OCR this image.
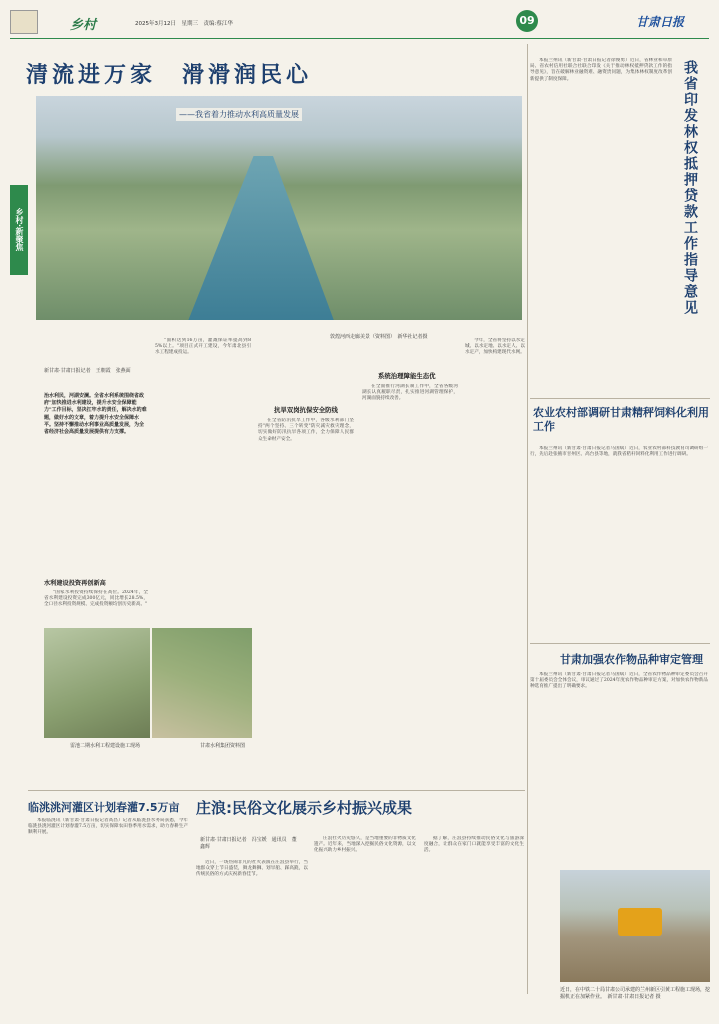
乡村	2025年3月12日　星期三　责编:蔡江华	09	甘肃日报
清流进万家　滑滑润民心
——我省着力推动水利高质量发展
乡村·新聚焦
敦煌河西走廊美景（资料图）　新华社记者摄
新甘肃·甘肃日报记者　王朝霞　张燕面
治水利民，河湖安澜。全省水利系统围绕省政府"加快推进水利建设，提升水安全保障能力"工作目标，坚决扛牢水的责任，解决水的难题，做好水的文章，着力提升水安全保障水平。坚持不懈推动水利事业高质量发展，为全省经济社会高质量发展提供有力支撑。
水利建设投资再创新高

"国家水利投资持续保持在高位。2024年，全省水利建设投资完成300亿元，同比增长28.5%，全口径水利投资规模、完成投资额均创历史新高。"

"面积达到16万亩，灌溉保证率提高到85%以上。"项目正式开工建设，今年肃北县引水工程建成投运。

抗旱双岗抗保安全防线

在全省防汛抗旱工作中，各级水利部门坚持"两个坚持、三个转变"防灾减灾救灾理念，切实做好防汛抗旱各项工作，全力保障人民群众生命财产安全。

系统治理障能生态优

在全面推行河湖长制工作中，全省各级河湖长认真履职尽责，扎实推进河湖管理保护，河湖面貌持续改善。

今年，全省将坚持以水定城、以水定地、以水定人、以水定产，加快构建现代水网。

雷池二期水利工程建设施工现场	甘肃水利集团资料图
我省印发林权抵押贷款工作指导意见

本报兰州讯（新甘肃·甘肃日报记者徐俊勇）近日，省林业和草原局、省农村信用社联合社联合印发《关于推动林权抵押贷款工作的指导意见》，旨在破解林业融资难、融资贵问题，为集体林权制度改革创新提供了制度保障。

农业农村部调研甘肃精秤饲料化利用工作

本报兰州讯（新甘肃·甘肃日报记者马国斌）近日，农业农村部科技教育司调研组一行，先后赴张掖市甘州区、高台县等地，就我省秸秆饲料化利用工作进行调研。

甘肃加强农作物品种审定管理

本报兰州讯（新甘肃·甘肃日报记者马国斌）近日，全省农作物品种审定委员会召开第十届委员会全体会议，审议通过了2024年度农作物品种审定方案，对加快农作物新品种选育推广提出了明确要求。

近日，在中铁二十局甘肃公司承建的兰州新区引黄工程施工现场，挖掘机正在加紧作业。　新甘肃·甘肃日报记者 摄
临洮洮河灌区计划春灌7.5万亩

本报临洮讯（新甘肃·甘肃日报记者高昌）记者从临洮县水务局获悉，今年临洮县洮河灌区计划春灌7.5万亩，切实保障农田春季用水需求，助力春耕生产顺利开展。

庄浪:民俗文化展示乡村振兴成果
新甘肃·甘肃日报记者　冯宝媛　通讯员　董鑫辉

近日，一场热闹非凡的社火表演在庄浪县举行，当地群众穿上节日盛装，舞龙舞狮、划旱船、踩高跷，以传统民俗的方式庆祝新春佳节。

庄浪社火历史悠久，是当地重要的非物质文化遗产。近年来，当地深入挖掘民俗文化资源，以文化振兴助力乡村振兴。

据了解，庄浪县持续推动民俗文化与旅游深度融合，让群众在家门口就能享受丰富的文化生活。
